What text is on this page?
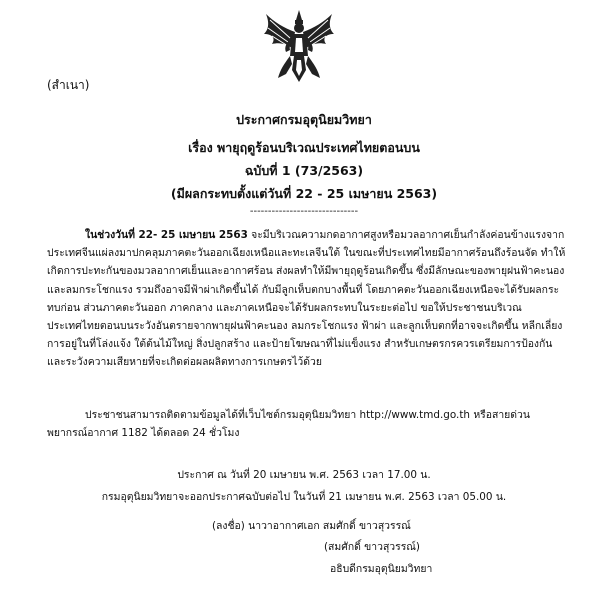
(สำเนา)
ประกาศกรมอุตุนิยมวิทยา
เรื่อง พายุฤดูร้อนบริเวณประเทศไทยตอนบน
ฉบับที่ 1 (73/2563)
(มีผลกระทบตั้งแต่วันที่ 22 - 25 เมษายน 2563)
------------------------------
ในช่วงวันที่ 22- 25 เมษายน 2563 จะมีบริเวณความกดอากาศสูงหรือมวลอากาศเย็นกำลังค่อนข้างแรงจากประเทศจีนแผ่ลงมาปกคลุมภาคตะวันออกเฉียงเหนือและทะเลจีนใต้ ในขณะที่ประเทศไทยมีอากาศร้อนถึงร้อนจัด ทำให้เกิดการปะทะกันของมวลอากาศเย็นและอากาศร้อน ส่งผลทำให้มีพายุฤดูร้อนเกิดขึ้น ซึ่งมีลักษณะของพายุฝนฟ้าคะนองและลมกระโชกแรง รวมถึงอาจมีฟ้าผ่าเกิดขึ้นได้ กับมีลูกเห็บตกบางพื้นที่ โดยภาคตะวันออกเฉียงเหนือจะได้รับผลกระทบก่อน ส่วนภาคตะวันออก ภาคกลาง และภาคเหนือจะได้รับผลกระทบในระยะต่อไป ขอให้ประชาชนบริเวณประเทศไทยตอนบนระวังอันตรายจากพายุฝนฟ้าคะนอง ลมกระโชกแรง ฟ้าผ่า และลูกเห็บตกที่อาจจะเกิดขึ้น หลีกเลี่ยงการอยู่ในที่โล่งแจ้ง ใต้ต้นไม้ใหญ่ สิ่งปลูกสร้าง และป้ายโฆษณาที่ไม่แข็งแรง สำหรับเกษตรกรควรเตรียมการป้องกันและระวังความเสียหายที่จะเกิดต่อผลผลิตทางการเกษตรไว้ด้วย
ประชาชนสามารถติดตามข้อมูลได้ที่เว็บไซต์กรมอุตุนิยมวิทยา http://www.tmd.go.th หรือสายด่วนพยากรณ์อากาศ 1182 ได้ตลอด 24 ชั่วโมง
ประกาศ ณ วันที่ 20 เมษายน พ.ศ. 2563 เวลา 17.00 น.
กรมอุตุนิยมวิทยาจะออกประกาศฉบับต่อไป ในวันที่ 21 เมษายน พ.ศ. 2563 เวลา 05.00 น.
(ลงชื่อ) นาวาอากาศเอก สมศักดิ์ ขาวสุวรรณ์
(สมศักดิ์ ขาวสุวรรณ์)
อธิบดีกรมอุตุนิยมวิทยา
